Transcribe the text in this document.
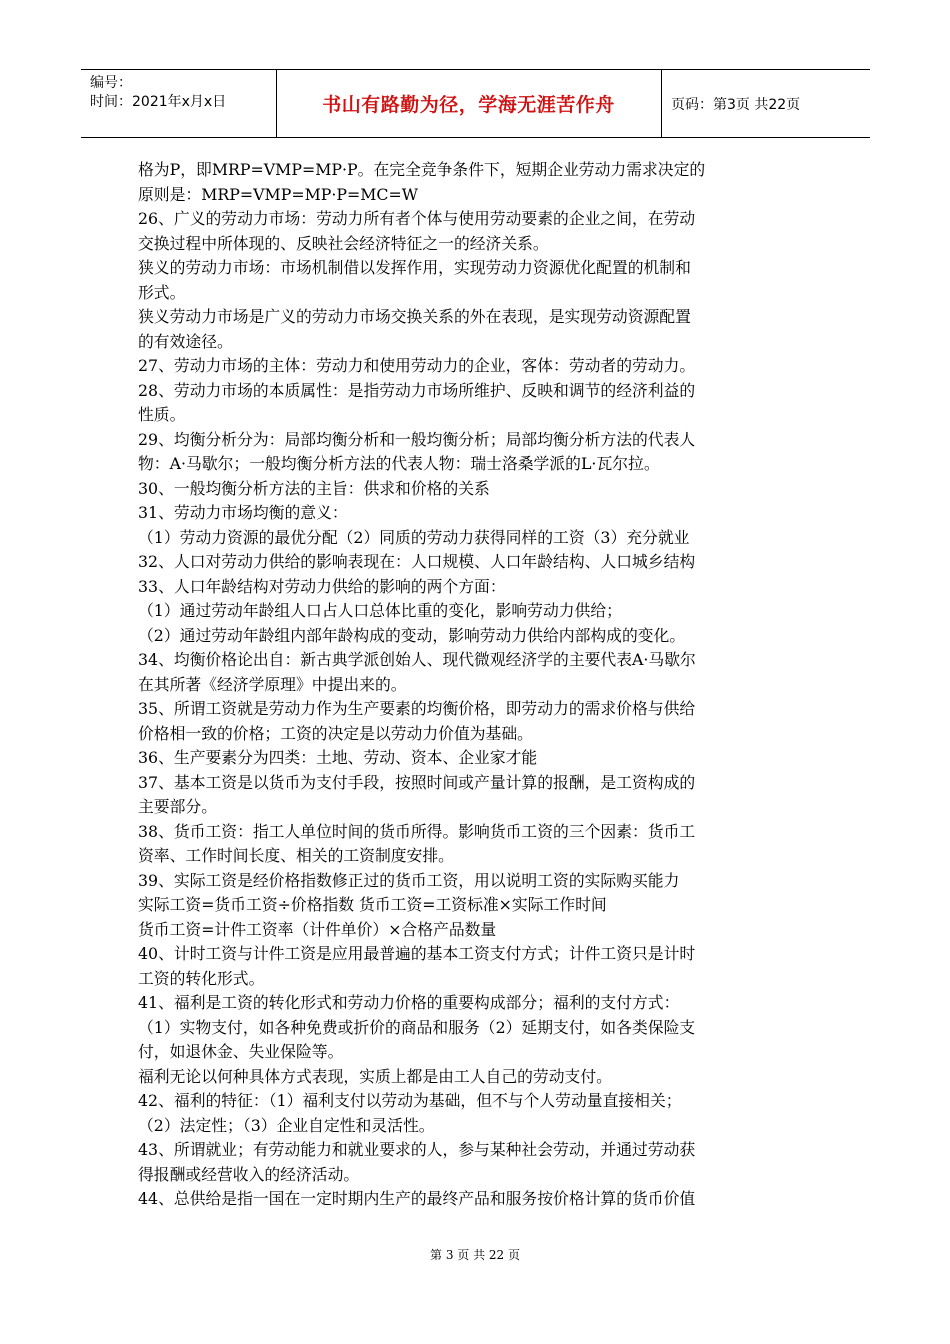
编号：
时间：2021年x月x日	书山有路勤为径，学海无涯苦作舟	页码：第3页 共22页
格为P，即MRP=VMP=MP·P。在完全竞争条件下，短期企业劳动力需求决定的
原则是：MRP=VMP=MP·P=MC=W
26、广义的劳动力市场：劳动力所有者个体与使用劳动要素的企业之间，在劳动
交换过程中所体现的、反映社会经济特征之一的经济关系。
狭义的劳动力市场：市场机制借以发挥作用，实现劳动力资源优化配置的机制和
形式。
狭义劳动力市场是广义的劳动力市场交换关系的外在表现，是实现劳动资源配置
的有效途径。
27、劳动力市场的主体：劳动力和使用劳动力的企业，客体：劳动者的劳动力。
28、劳动力市场的本质属性：是指劳动力市场所维护、反映和调节的经济利益的
性质。
29、均衡分析分为：局部均衡分析和一般均衡分析；局部均衡分析方法的代表人
物：A·马歇尔；一般均衡分析方法的代表人物：瑞士洛桑学派的L·瓦尔拉。
30、一般均衡分析方法的主旨：供求和价格的关系
31、劳动力市场均衡的意义：
（1）劳动力资源的最优分配（2）同质的劳动力获得同样的工资（3）充分就业
32、人口对劳动力供给的影响表现在：人口规模、人口年龄结构、人口城乡结构
33、人口年龄结构对劳动力供给的影响的两个方面：
（1）通过劳动年龄组人口占人口总体比重的变化，影响劳动力供给；
（2）通过劳动年龄组内部年龄构成的变动，影响劳动力供给内部构成的变化。
34、均衡价格论出自：新古典学派创始人、现代微观经济学的主要代表A·马歇尔
在其所著《经济学原理》中提出来的。
35、所谓工资就是劳动力作为生产要素的均衡价格，即劳动力的需求价格与供给
价格相一致的价格；工资的决定是以劳动力价值为基础。
36、生产要素分为四类：土地、劳动、资本、企业家才能
37、基本工资是以货币为支付手段，按照时间或产量计算的报酬，是工资构成的
主要部分。
38、货币工资：指工人单位时间的货币所得。影响货币工资的三个因素：货币工
资率、工作时间长度、相关的工资制度安排。
39、实际工资是经价格指数修正过的货币工资，用以说明工资的实际购买能力
实际工资=货币工资÷价格指数 货币工资=工资标准×实际工作时间
货币工资=计件工资率（计件单价）×合格产品数量
40、计时工资与计件工资是应用最普遍的基本工资支付方式；计件工资只是计时
工资的转化形式。
41、福利是工资的转化形式和劳动力价格的重要构成部分；福利的支付方式：
（1）实物支付，如各种免费或折价的商品和服务（2）延期支付，如各类保险支
付，如退休金、失业保险等。
福利无论以何种具体方式表现，实质上都是由工人自己的劳动支付。
42、福利的特征：（1）福利支付以劳动为基础，但不与个人劳动量直接相关；
（2）法定性；（3）企业自定性和灵活性。
43、所谓就业；有劳动能力和就业要求的人，参与某种社会劳动，并通过劳动获
得报酬或经营收入的经济活动。
44、总供给是指一国在一定时期内生产的最终产品和服务按价格计算的货币价值
第 3 页 共 22 页
